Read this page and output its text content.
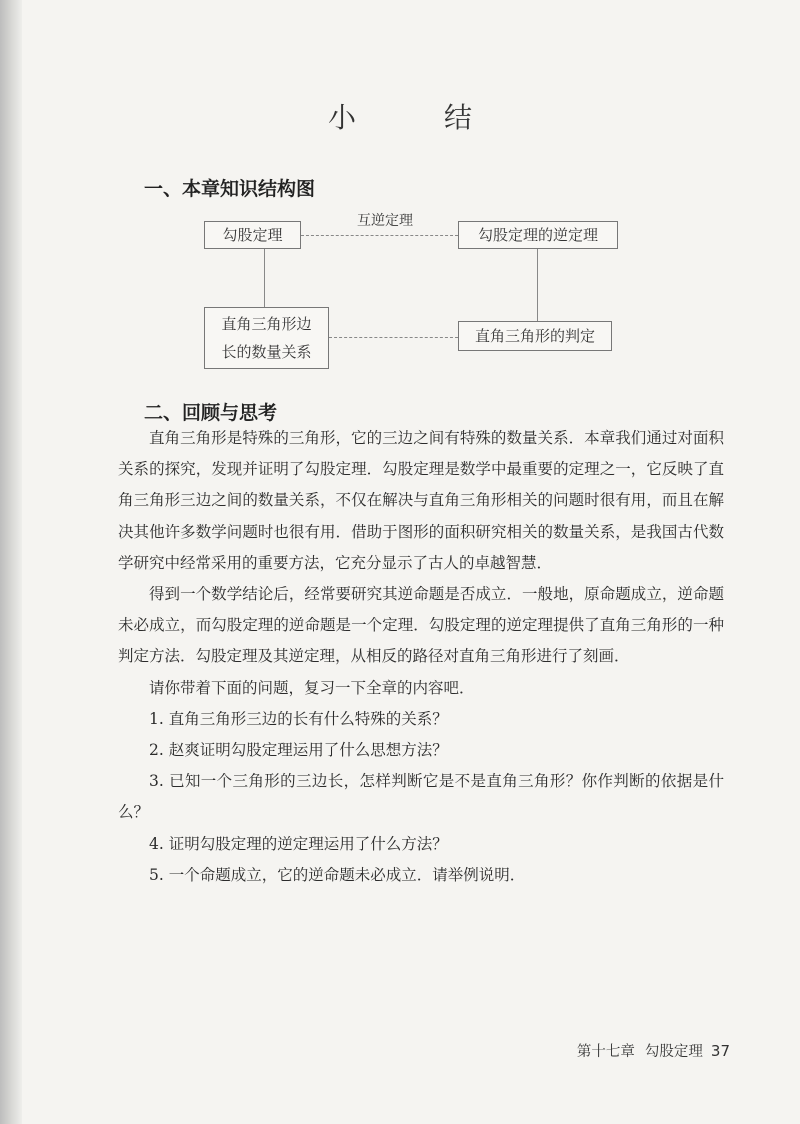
小　结
一、本章知识结构图
互逆定理
勾股定理	勾股定理的逆定理
直角三角形边
长的数量关系
直角三角形的判定
二、回顾与思考

直角三角形是特殊的三角形，它的三边之间有特殊的数量关系．本章我们通过对面积关系的探究，发现并证明了勾股定理．勾股定理是数学中最重要的定理之一，它反映了直角三角形三边之间的数量关系，不仅在解决与直角三角形相关的问题时很有用，而且在解决其他许多数学问题时也很有用．借助于图形的面积研究相关的数量关系，是我国古代数学研究中经常采用的重要方法，它充分显示了古人的卓越智慧．

得到一个数学结论后，经常要研究其逆命题是否成立．一般地，原命题成立，逆命题未必成立，而勾股定理的逆命题是一个定理．勾股定理的逆定理提供了直角三角形的一种判定方法．勾股定理及其逆定理，从相反的路径对直角三角形进行了刻画．

请你带着下面的问题，复习一下全章的内容吧．

1. 直角三角形三边的长有什么特殊的关系？

2. 赵爽证明勾股定理运用了什么思想方法？

3. 已知一个三角形的三边长，怎样判断它是不是直角三角形？你作判断的依据是什么？

4. 证明勾股定理的逆定理运用了什么方法？

5. 一个命题成立，它的逆命题未必成立．请举例说明．

第十七章 勾股定理 37
